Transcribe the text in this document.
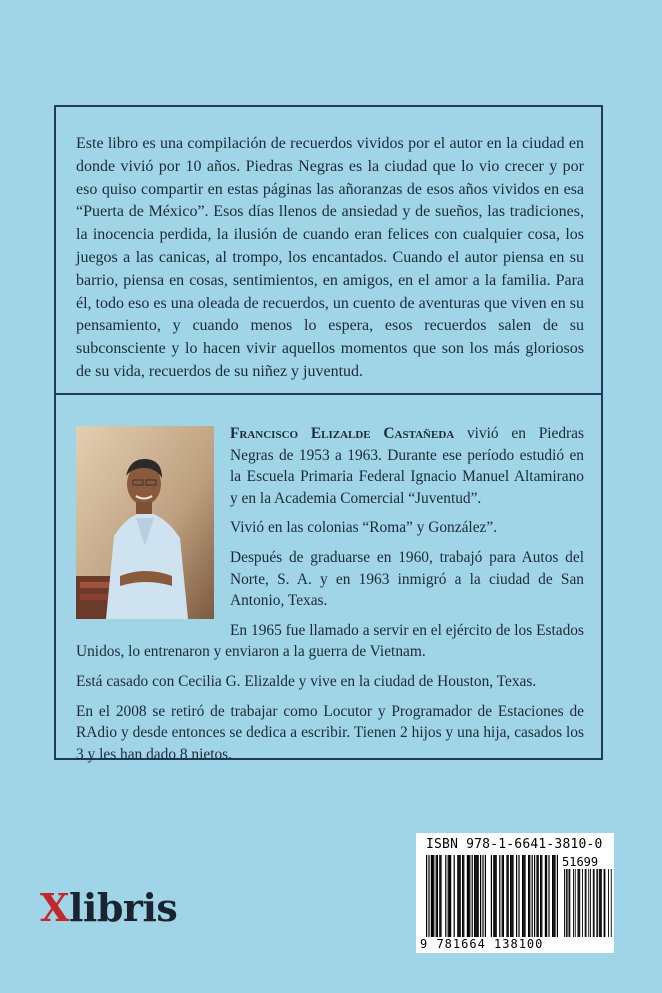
Este libro es una compilación de recuerdos vividos por el autor en la ciudad en donde vivió por 10 años. Piedras Negras es la ciudad que lo vio crecer y por eso quiso compartir en estas páginas las añoranzas de esos años vividos en esa “Puerta de México”. Esos días llenos de ansiedad y de sueños, las tradiciones, la inocencia perdida, la ilusión de cuando eran felices con cualquier cosa, los juegos a las canicas, al trompo, los encantados. Cuando el autor piensa en su barrio, piensa en cosas, sentimientos, en amigos, en el amor a la familia. Para él, todo eso es una oleada de recuerdos, un cuento de aventuras que viven en su pensamiento, y cuando menos lo espera, esos recuerdos salen de su subconsciente y lo hacen vivir aquellos momentos que son los más gloriosos de su vida, recuerdos de su niñez y juventud.

Francisco Elizalde Castañeda vivió en Piedras Negras de 1953 a 1963. Durante ese período estudió en la Escuela Primaria Federal Ignacio Manuel Altamirano y en la Academia Comercial “Juventud”.

Vivió en las colonias “Roma” y González”.

Después de graduarse en 1960, trabajó para Autos del Norte, S. A. y en 1963 inmigró a la ciudad de San Antonio, Texas.

En 1965 fue llamado a servir en el ejército de los Estados Unidos, lo entrenaron y enviaron a la guerra de Vietnam.

Está casado con Cecilia G. Elizalde y vive en la ciudad de Houston, Texas.

En el 2008 se retiró de trabajar como Locutor y Programador de Estaciones de RAdio y desde entonces se dedica a escribir. Tienen 2 hijos y una hija, casados los 3 y les han dado 8 nietos.

Xlibris
ISBN 978-1-6641-3810-0
51699
9 781664 138100
